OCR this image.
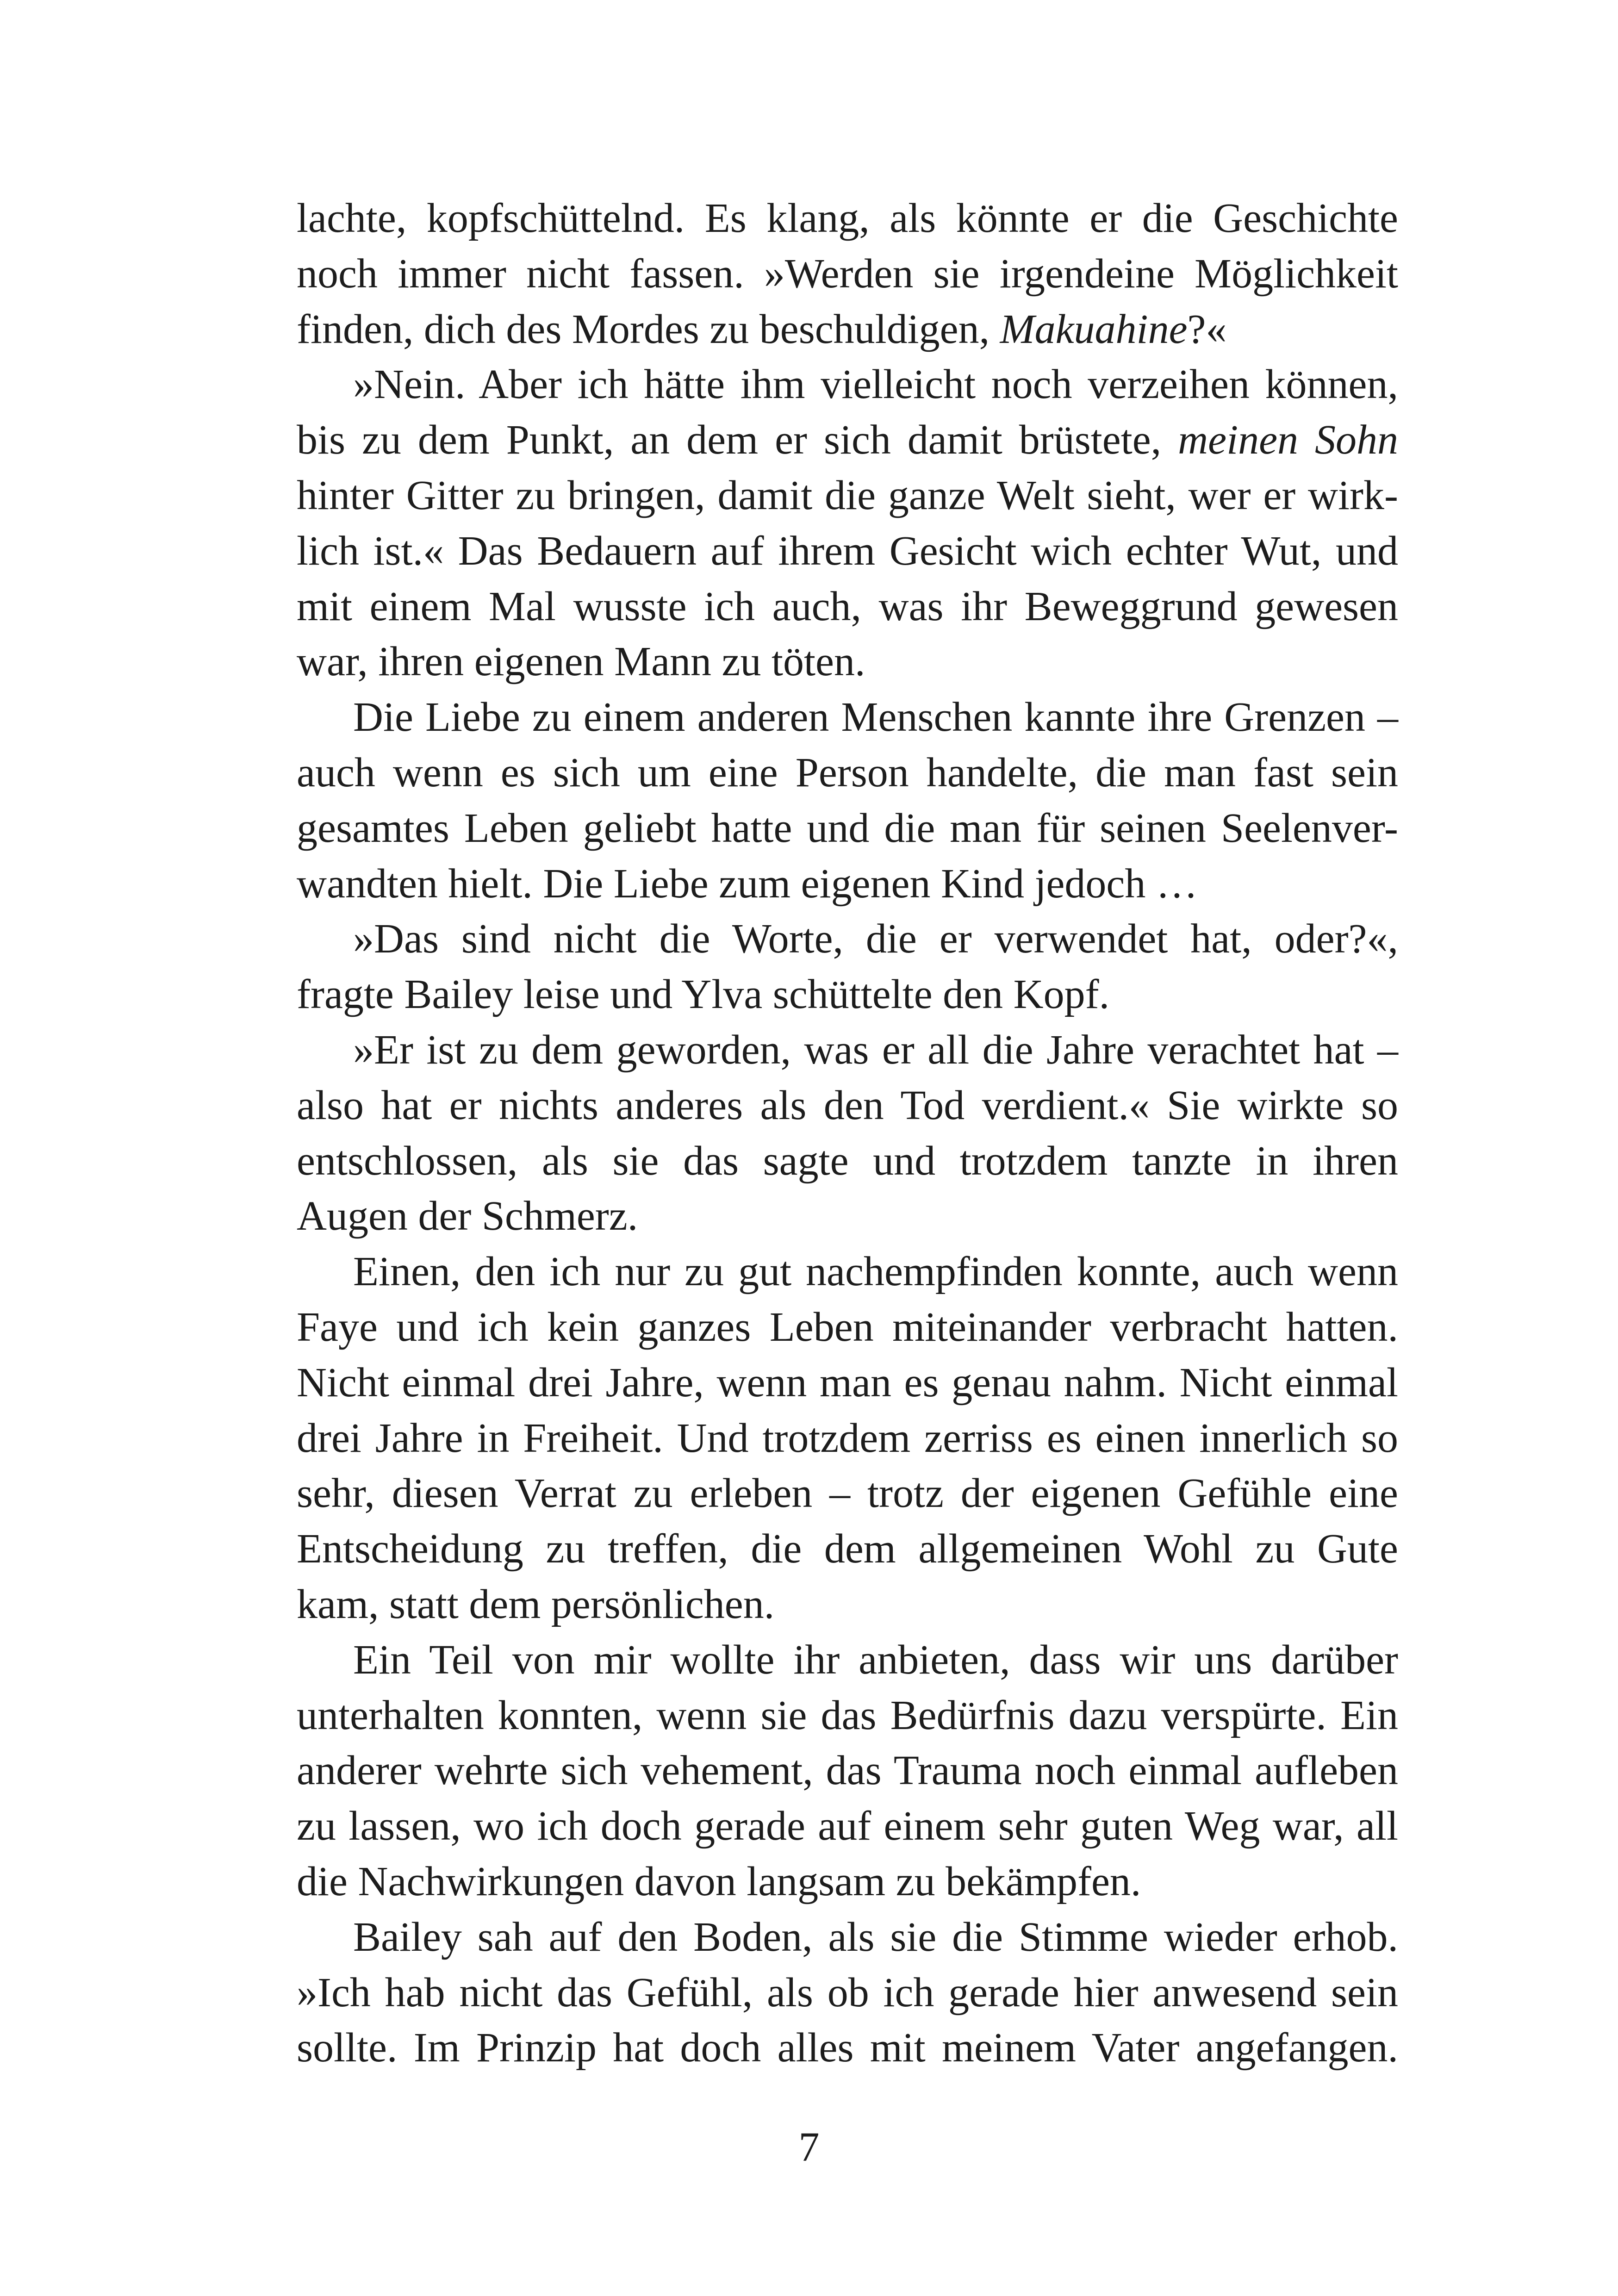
lachte, kopfschüttelnd. Es klang, als könnte er die Geschichte
noch immer nicht fassen. »Werden sie irgendeine Möglichkeit
finden, dich des Mordes zu beschuldigen, Makuahine?«
»Nein. Aber ich hätte ihm vielleicht noch verzeihen können,
bis zu dem Punkt, an dem er sich damit brüstete, meinen Sohn
hinter Gitter zu bringen, damit die ganze Welt sieht, wer er wirk-
lich ist.« Das Bedauern auf ihrem Gesicht wich echter Wut, und
mit einem Mal wusste ich auch, was ihr Beweggrund gewesen
war, ihren eigenen Mann zu töten.
Die Liebe zu einem anderen Menschen kannte ihre Grenzen –
auch wenn es sich um eine Person handelte, die man fast sein
gesamtes Leben geliebt hatte und die man für seinen Seelenver-
wandten hielt. Die Liebe zum eigenen Kind jedoch …
»Das sind nicht die Worte, die er verwendet hat, oder?«,
fragte Bailey leise und Ylva schüttelte den Kopf.
»Er ist zu dem geworden, was er all die Jahre verachtet hat –
also hat er nichts anderes als den Tod verdient.« Sie wirkte so
entschlossen, als sie das sagte und trotzdem tanzte in ihren
Augen der Schmerz.
Einen, den ich nur zu gut nachempfinden konnte, auch wenn
Faye und ich kein ganzes Leben miteinander verbracht hatten.
Nicht einmal drei Jahre, wenn man es genau nahm. Nicht einmal
drei Jahre in Freiheit. Und trotzdem zerriss es einen innerlich so
sehr, diesen Verrat zu erleben – trotz der eigenen Gefühle eine
Entscheidung zu treffen, die dem allgemeinen Wohl zu Gute
kam, statt dem persönlichen.
Ein Teil von mir wollte ihr anbieten, dass wir uns darüber
unterhalten konnten, wenn sie das Bedürfnis dazu verspürte. Ein
anderer wehrte sich vehement, das Trauma noch einmal aufleben
zu lassen, wo ich doch gerade auf einem sehr guten Weg war, all
die Nachwirkungen davon langsam zu bekämpfen.
Bailey sah auf den Boden, als sie die Stimme wieder erhob.
»Ich hab nicht das Gefühl, als ob ich gerade hier anwesend sein
sollte. Im Prinzip hat doch alles mit meinem Vater angefangen.
7
